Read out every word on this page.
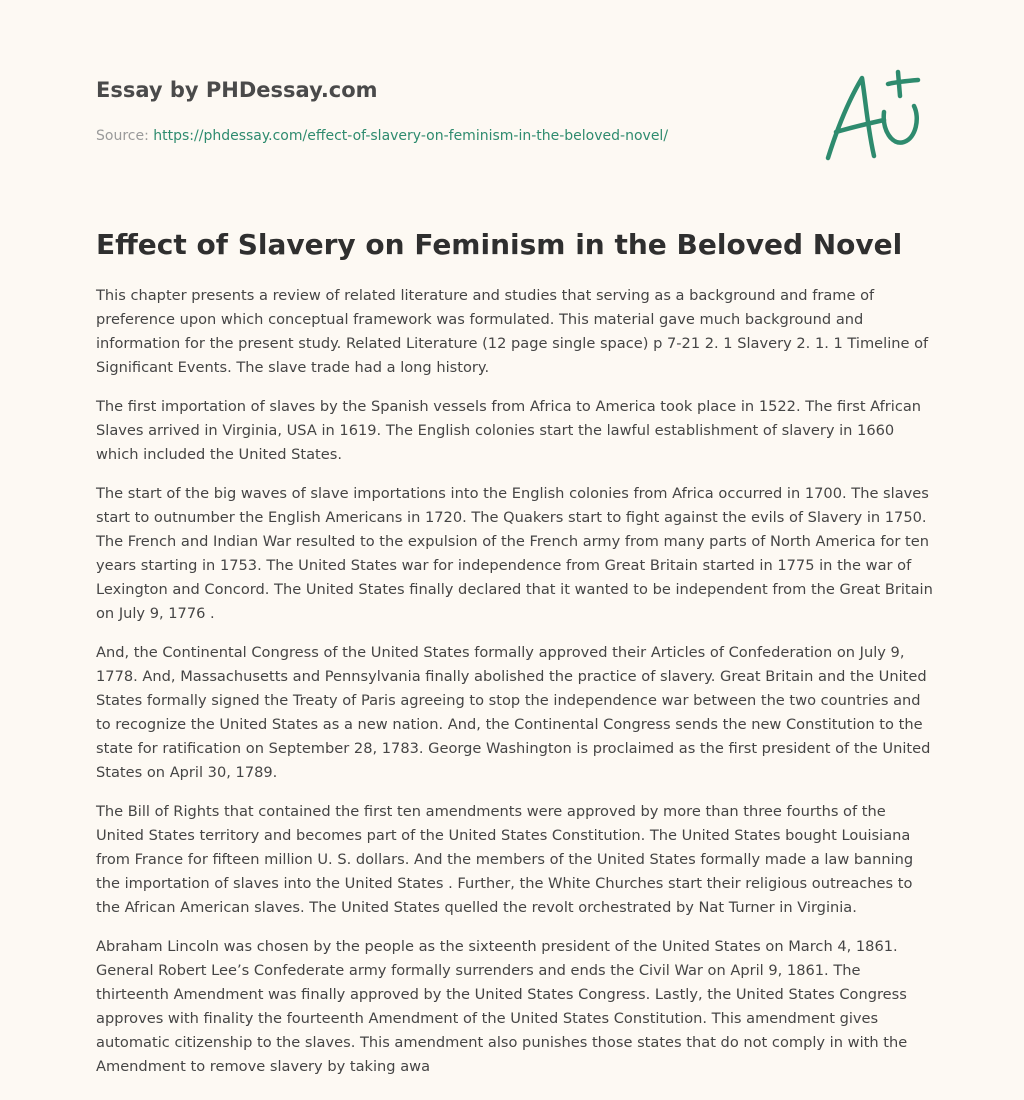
Essay by PHDessay.com
Source: https://phdessay.com/effect-of-slavery-on-feminism-in-the-beloved-novel/
Effect of Slavery on Feminism in the Beloved Novel

This chapter presents a review of related literature and studies that serving as a background and frame of preference upon which conceptual framework was formulated. This material gave much background and information for the present study. Related Literature (12 page single space) p 7-21 2. 1 Slavery 2. 1. 1 Timeline of Significant Events. The slave trade had a long history.

The first importation of slaves by the Spanish vessels from Africa to America took place in 1522. The first African Slaves arrived in Virginia, USA in 1619. The English colonies start the lawful establishment of slavery in 1660 which included the United States.

The start of the big waves of slave importations into the English colonies from Africa occurred in 1700. The slaves start to outnumber the English Americans in 1720. The Quakers start to fight against the evils of Slavery in 1750. The French and Indian War resulted to the expulsion of the French army from many parts of North America for ten years starting in 1753. The United States war for independence from Great Britain started in 1775 in the war of Lexington and Concord. The United States finally declared that it wanted to be independent from the Great Britain on July 9, 1776 .

And, the Continental Congress of the United States formally approved their Articles of Confederation on July 9, 1778. And, Massachusetts and Pennsylvania finally abolished the practice of slavery. Great Britain and the United States formally signed the Treaty of Paris agreeing to stop the independence war between the two countries and to recognize the United States as a new nation. And, the Continental Congress sends the new Constitution to the state for ratification on September 28, 1783. George Washington is proclaimed as the first president of the United States on April 30, 1789.

The Bill of Rights that contained the first ten amendments were approved by more than three fourths of the United States territory and becomes part of the United States Constitution. The United States bought Louisiana from France for fifteen million U. S. dollars. And the members of the United States formally made a law banning the importation of slaves into the United States . Further, the White Churches start their religious outreaches to the African American slaves. The United States quelled the revolt orchestrated by Nat Turner in Virginia.

Abraham Lincoln was chosen by the people as the sixteenth president of the United States on March 4, 1861. General Robert Lee’s Confederate army formally surrenders and ends the Civil War on April 9, 1861. The thirteenth Amendment was finally approved by the United States Congress. Lastly, the United States Congress approves with finality the fourteenth Amendment of the United States Constitution. This amendment gives automatic citizenship to the slaves. This amendment also punishes those states that do not comply in with the Amendment to remove slavery by taking awa
